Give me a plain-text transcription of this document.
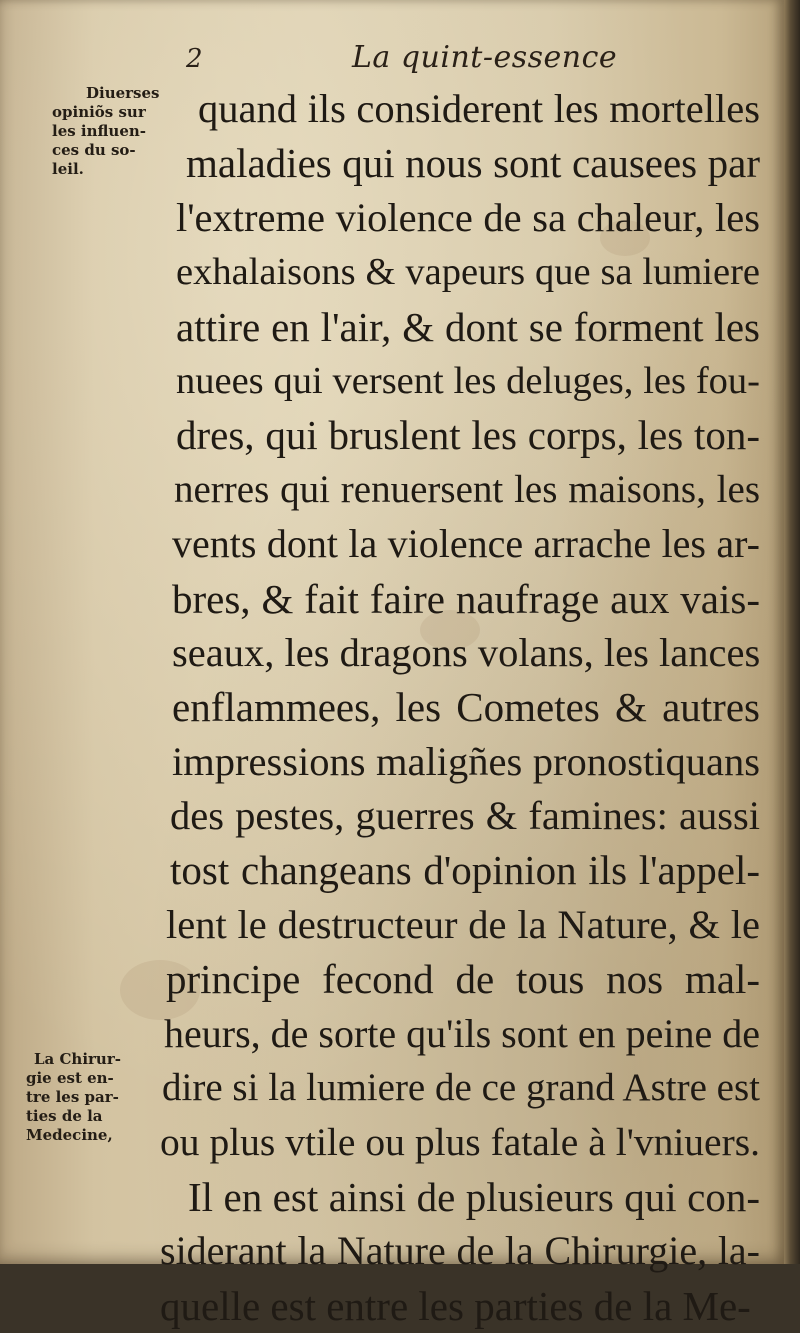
2	La quint-essence
Diuerses
opiniõs sur
les influen-
ces du so-
leil.
La Chirur-
gie est en-
tre les par-
ties de la
Medecine,
quand ils considerent les mortelles
maladies qui nous sont causees par
l'extreme violence de sa chaleur, les
exhalaisons & vapeurs que sa lumiere
attire en l'air, & dont se forment les
nuees qui versent les deluges, les fou-
dres, qui bruslent les corps, les ton-
nerres qui renuersent les maisons, les
vents dont la violence arrache les ar-
bres, & fait faire naufrage aux vais-
seaux, les dragons volans, les lances
enflammees, les Cometes & autres
impressions maligñes pronostiquans
des pestes, guerres & famines: aussi
tost changeans d'opinion ils l'appel-
lent le destructeur de la Nature, & le
principe fecond de tous nos mal-
heurs, de sorte qu'ils sont en peine de
dire si la lumiere de ce grand Astre est
ou plus vtile ou plus fatale à l'vniuers.
Il en est ainsi de plusieurs qui con-
siderant la Nature de la Chirurgie, la-
quelle est entre les parties de la Me-
